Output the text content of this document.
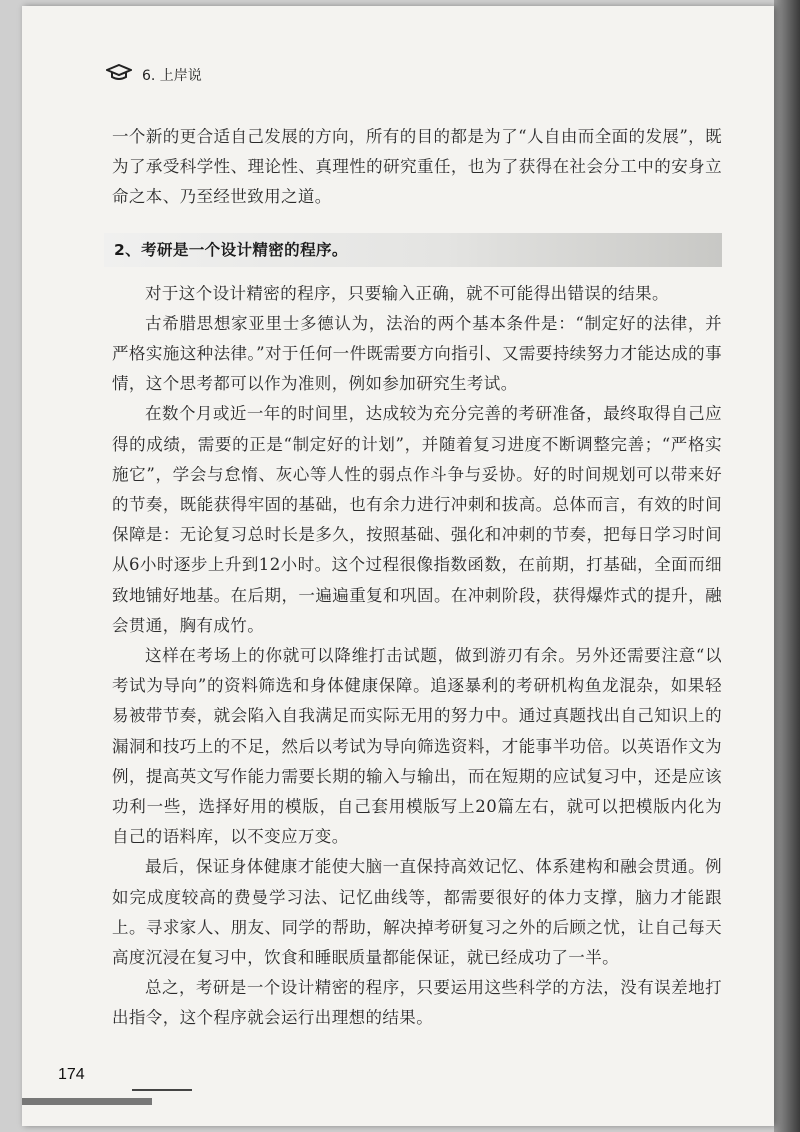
6. 上岸说

一个新的更合适自己发展的方向，所有的目的都是为了“人自由而全面的发展”，既为了承受科学性、理论性、真理性的研究重任，也为了获得在社会分工中的安身立命之本、乃至经世致用之道。

2、考研是一个设计精密的程序。

对于这个设计精密的程序，只要输入正确，就不可能得出错误的结果。

古希腊思想家亚里士多德认为，法治的两个基本条件是：“制定好的法律，并严格实施这种法律。”对于任何一件既需要方向指引、又需要持续努力才能达成的事情，这个思考都可以作为准则，例如参加研究生考试。

在数个月或近一年的时间里，达成较为充分完善的考研准备，最终取得自己应得的成绩，需要的正是“制定好的计划”，并随着复习进度不断调整完善；“严格实施它”，学会与怠惰、灰心等人性的弱点作斗争与妥协。好的时间规划可以带来好的节奏，既能获得牢固的基础，也有余力进行冲刺和拔高。总体而言，有效的时间保障是：无论复习总时长是多久，按照基础、强化和冲刺的节奏，把每日学习时间从6小时逐步上升到12小时。这个过程很像指数函数，在前期，打基础，全面而细致地铺好地基。在后期，一遍遍重复和巩固。在冲刺阶段，获得爆炸式的提升，融会贯通，胸有成竹。

这样在考场上的你就可以降维打击试题，做到游刃有余。另外还需要注意“以考试为导向”的资料筛选和身体健康保障。追逐暴利的考研机构鱼龙混杂，如果轻易被带节奏，就会陷入自我满足而实际无用的努力中。通过真题找出自己知识上的漏洞和技巧上的不足，然后以考试为导向筛选资料，才能事半功倍。以英语作文为例，提高英文写作能力需要长期的输入与输出，而在短期的应试复习中，还是应该功利一些，选择好用的模版，自己套用模版写上20篇左右，就可以把模版内化为自己的语料库，以不变应万变。

最后，保证身体健康才能使大脑一直保持高效记忆、体系建构和融会贯通。例如完成度较高的费曼学习法、记忆曲线等，都需要很好的体力支撑，脑力才能跟上。寻求家人、朋友、同学的帮助，解决掉考研复习之外的后顾之忧，让自己每天高度沉浸在复习中，饮食和睡眠质量都能保证，就已经成功了一半。

总之，考研是一个设计精密的程序，只要运用这些科学的方法，没有误差地打出指令，这个程序就会运行出理想的结果。

174
